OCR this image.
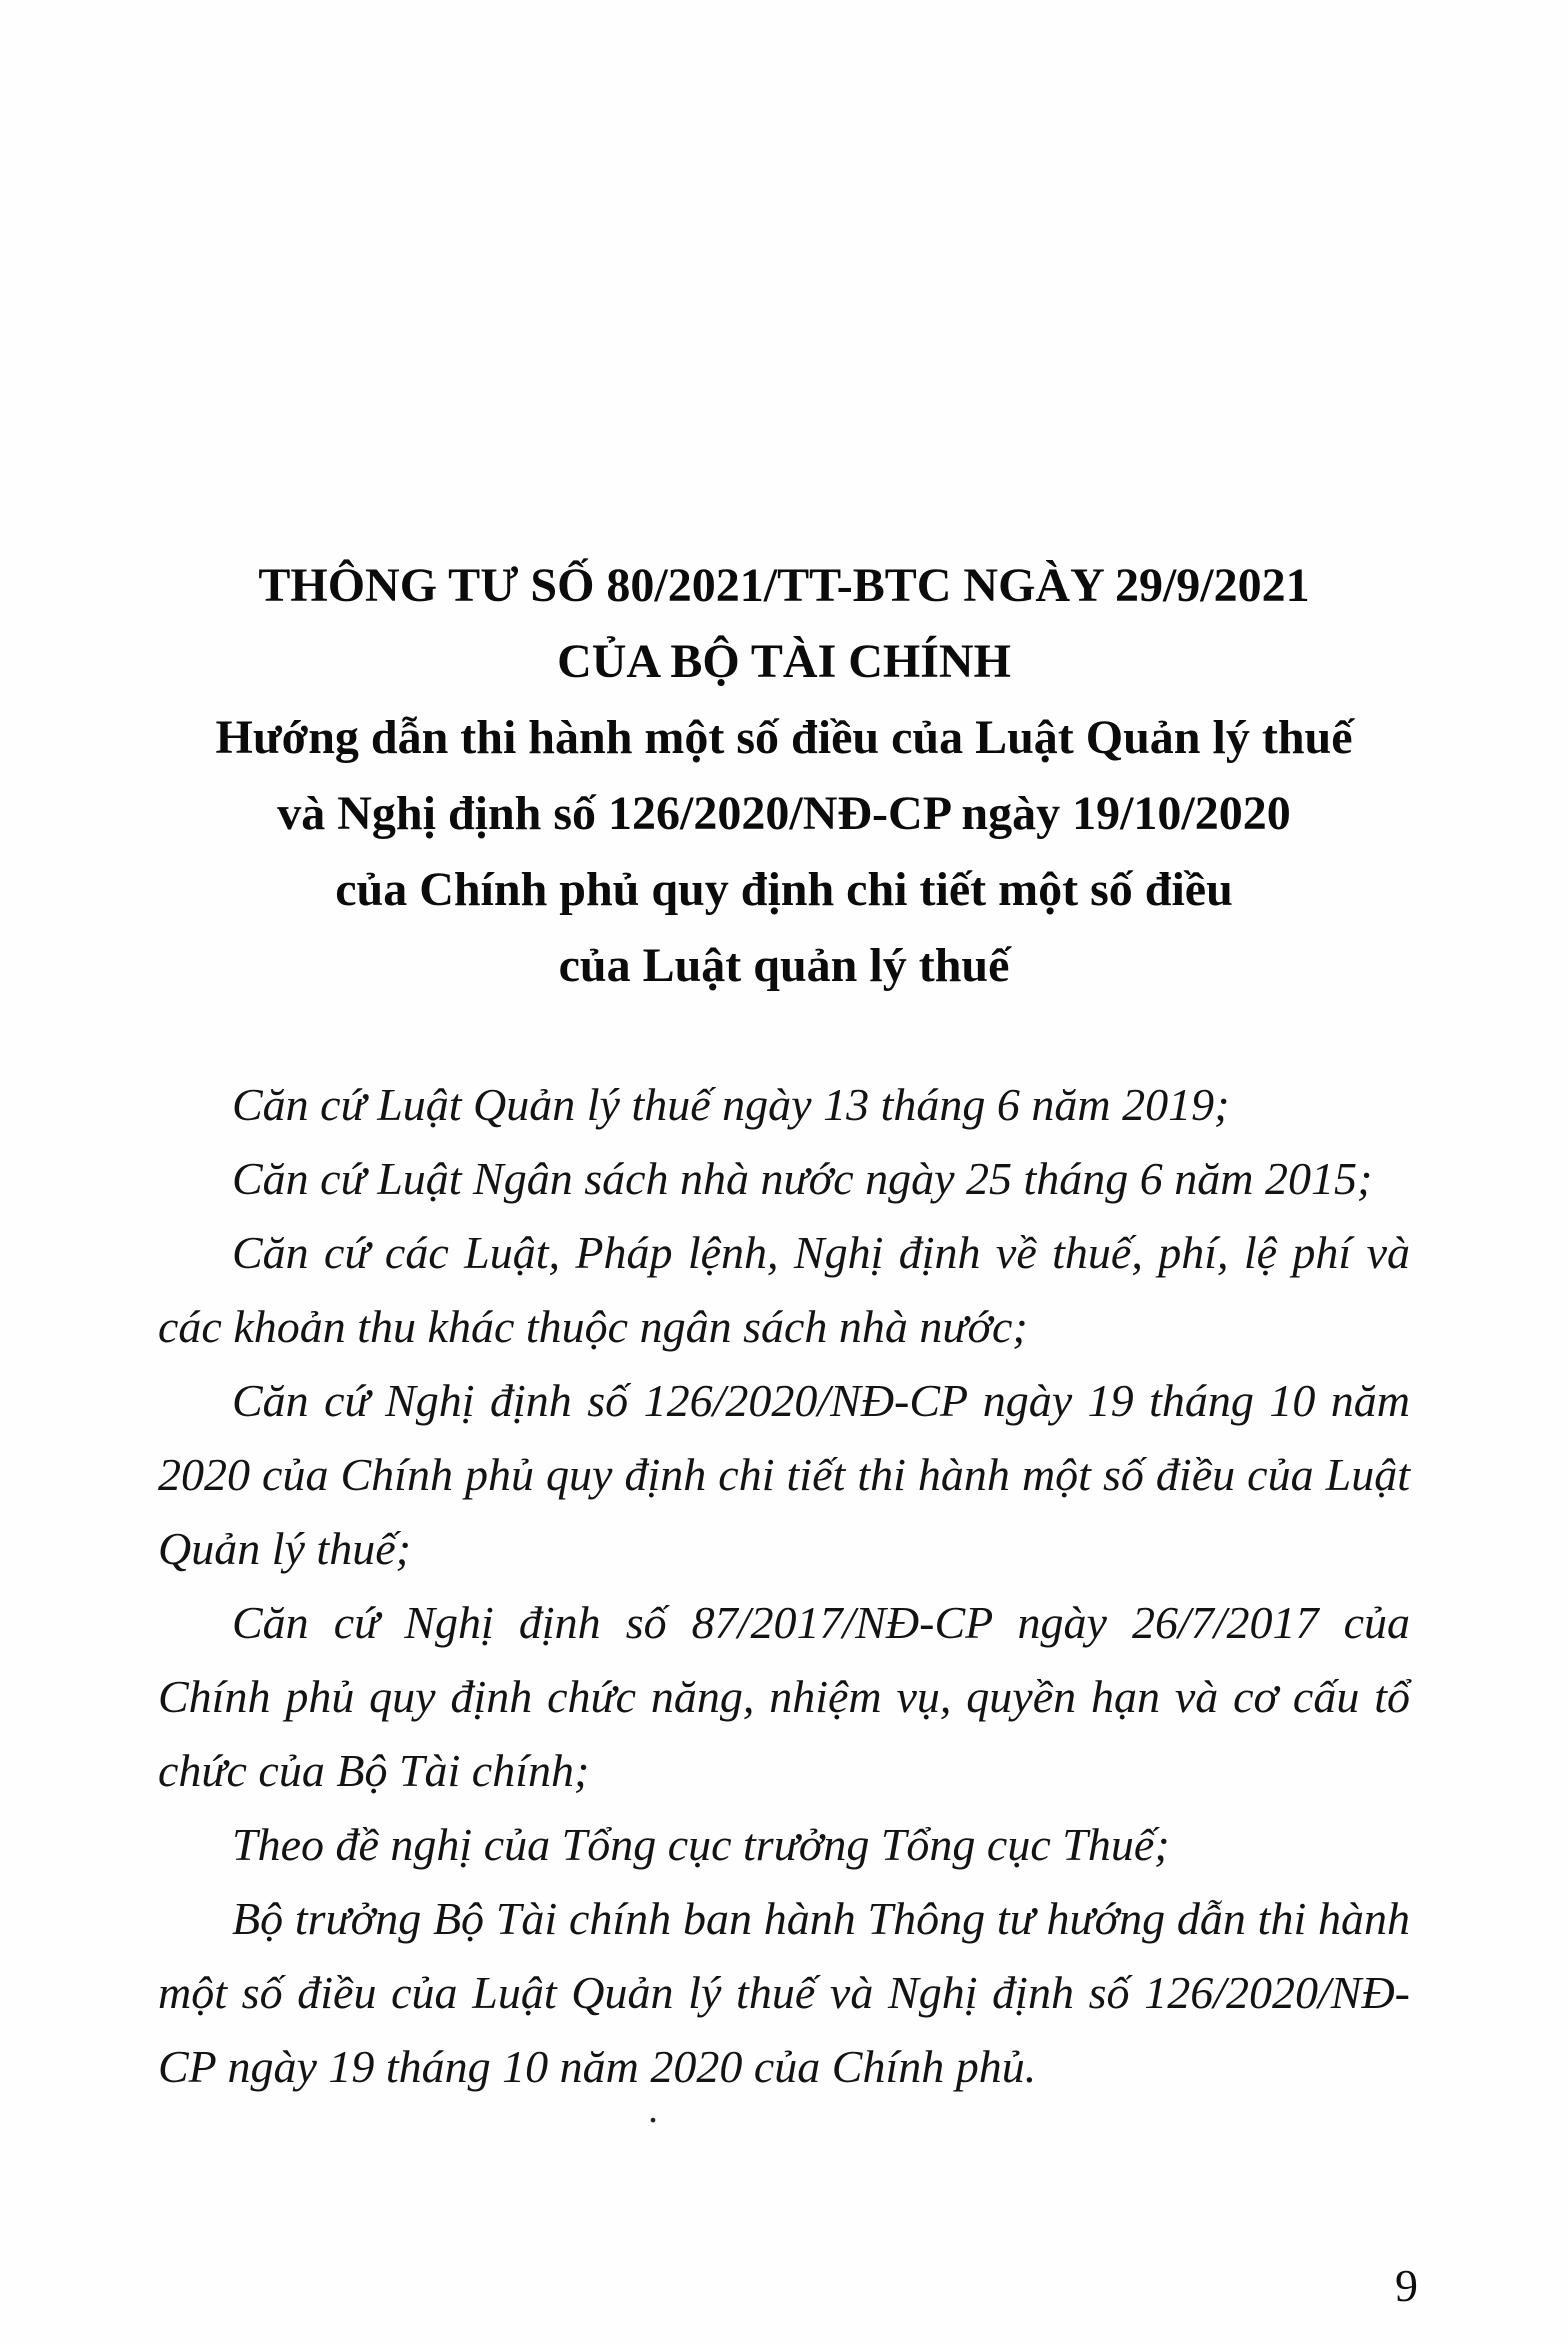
THÔNG TƯ SỐ 80/2021/TT-BTC NGÀY 29/9/2021
CỦA BỘ TÀI CHÍNH
Hướng dẫn thi hành một số điều của Luật Quản lý thuế
và Nghị định số 126/2020/NĐ-CP ngày 19/10/2020
của Chính phủ quy định chi tiết một số điều
của Luật quản lý thuế

Căn cứ Luật Quản lý thuế ngày 13 tháng 6 năm 2019;

Căn cứ Luật Ngân sách nhà nước ngày 25 tháng 6 năm 2015;

Căn cứ các Luật, Pháp lệnh, Nghị định về thuế, phí, lệ phí và các khoản thu khác thuộc ngân sách nhà nước;

Căn cứ Nghị định số 126/2020/NĐ-CP ngày 19 tháng 10 năm 2020 của Chính phủ quy định chi tiết thi hành một số điều của Luật Quản lý thuế;

Căn cứ Nghị định số 87/2017/NĐ-CP ngày 26/7/2017 của Chính phủ quy định chức năng, nhiệm vụ, quyền hạn và cơ cấu tổ chức của Bộ Tài chính;

Theo đề nghị của Tổng cục trưởng Tổng cục Thuế;

Bộ trưởng Bộ Tài chính ban hành Thông tư hướng dẫn thi hành một số điều của Luật Quản lý thuế và Nghị định số 126/2020/NĐ-CP ngày 19 tháng 10 năm 2020 của Chính phủ.

.
9
